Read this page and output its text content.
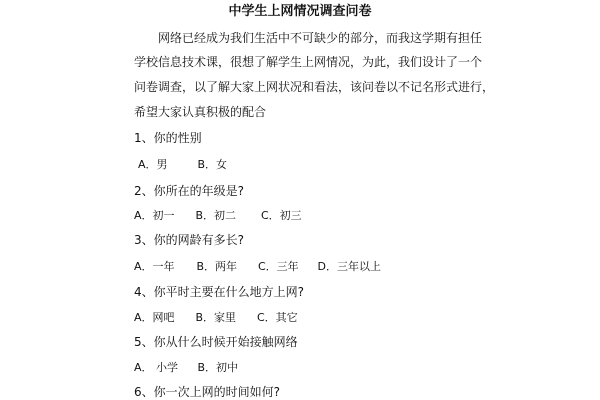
中学生上网情况调查问卷
网络已经成为我们生活中不可缺少的部分，而我这学期有担任
学校信息技术课，很想了解学生上网情况，为此，我们设计了一个
问卷调查，以了解大家上网状况和看法，该问卷以不记名形式进行，
希望大家认真积极的配合
1、你的性别
A．男	B．女
2、你所在的年级是?
A．初一 B．初二 C．初三
3、你的网龄有多长?
A．一年 B．两年 C．三年 D．三年以上
4、你平时主要在什么地方上网?
A．网吧 B．家里 C．其它
5、你从什么时候开始接触网络
A． 小学 B．初中
6、你一次上网的时间如何?
